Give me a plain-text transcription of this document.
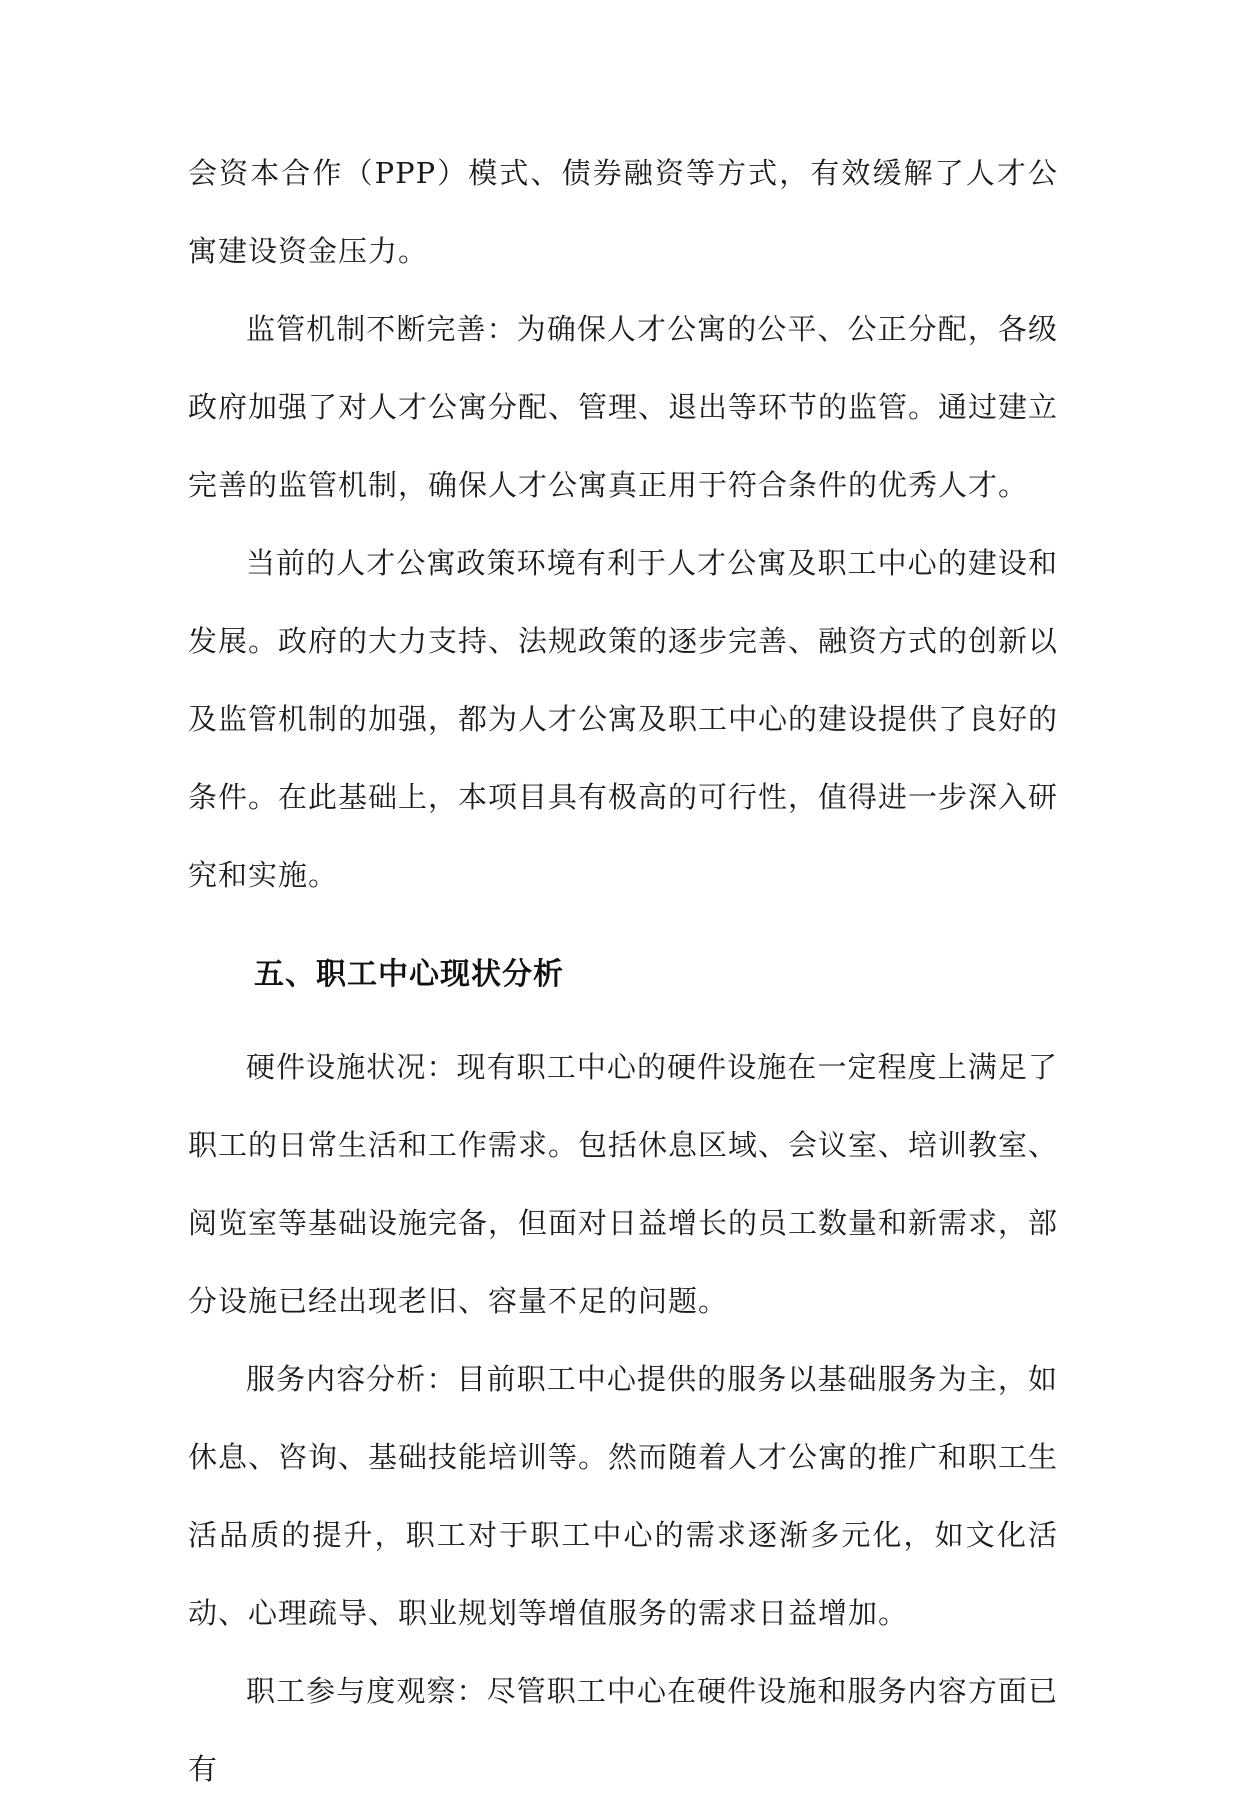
会资本合作（PPP）模式、债券融资等方式，有效缓解了人才公寓建设资金压力。

监管机制不断完善：为确保人才公寓的公平、公正分配，各级政府加强了对人才公寓分配、管理、退出等环节的监管。通过建立完善的监管机制，确保人才公寓真正用于符合条件的优秀人才。

当前的人才公寓政策环境有利于人才公寓及职工中心的建设和发展。政府的大力支持、法规政策的逐步完善、融资方式的创新以及监管机制的加强，都为人才公寓及职工中心的建设提供了良好的条件。在此基础上，本项目具有极高的可行性，值得进一步深入研究和实施。

五、职工中心现状分析

硬件设施状况：现有职工中心的硬件设施在一定程度上满足了职工的日常生活和工作需求。包括休息区域、会议室、培训教室、阅览室等基础设施完备，但面对日益增长的员工数量和新需求，部分设施已经出现老旧、容量不足的问题。

服务内容分析：目前职工中心提供的服务以基础服务为主，如休息、咨询、基础技能培训等。然而随着人才公寓的推广和职工生活品质的提升，职工对于职工中心的需求逐渐多元化，如文化活动、心理疏导、职业规划等增值服务的需求日益增加。

职工参与度观察：尽管职工中心在硬件设施和服务内容方面已有
